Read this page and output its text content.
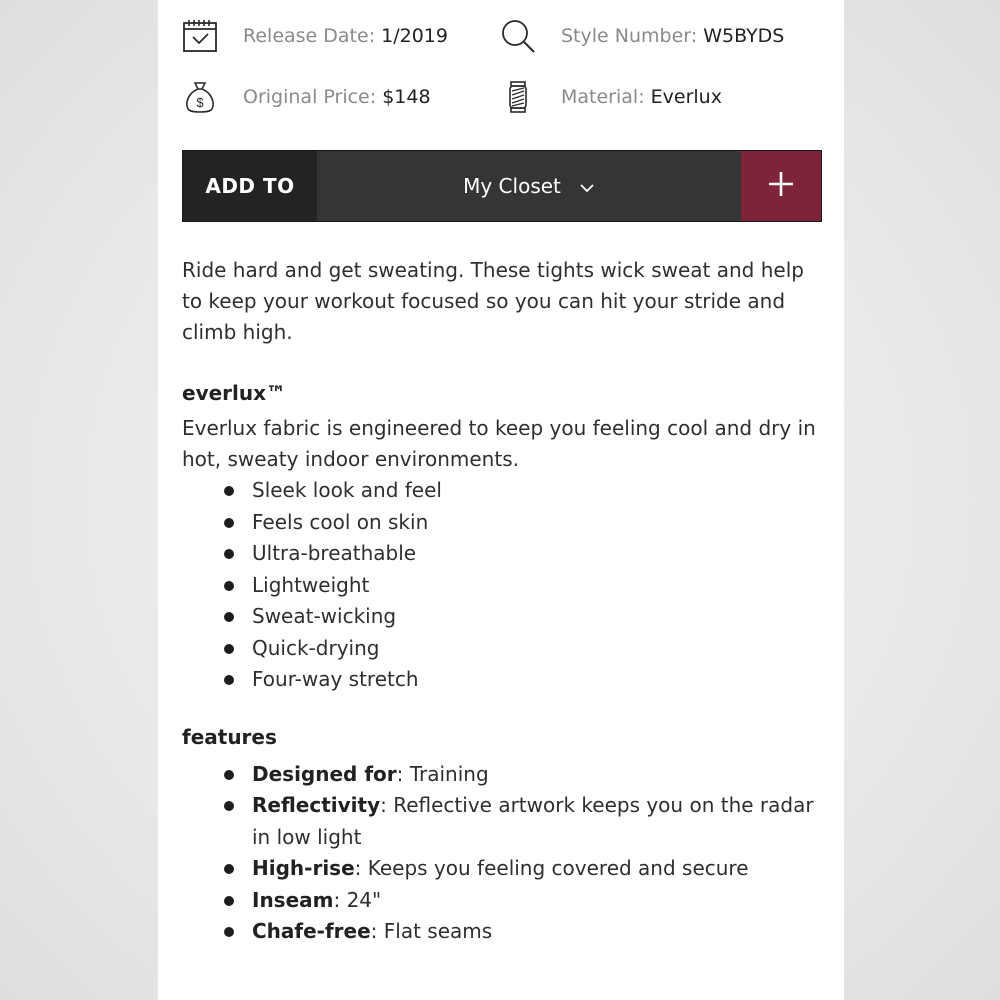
Release Date: 1/2019	Style Number: W5BYDS
$ Original Price: $148	Material: Everlux
ADD TO	My Closet

Ride hard and get sweating. These tights wick sweat and help to keep your workout focused so you can hit your stride and climb high.

everlux™

Everlux fabric is engineered to keep you feeling cool and dry in hot, sweaty indoor environments.

Sleek look and feel
Feels cool on skin
Ultra-breathable
Lightweight
Sweat-wicking
Quick-drying
Four-way stretch

features

Designed for: Training
Reflectivity: Reflective artwork keeps you on the radar in low light
High-rise: Keeps you feeling covered and secure
Inseam: 24"
Chafe-free: Flat seams
